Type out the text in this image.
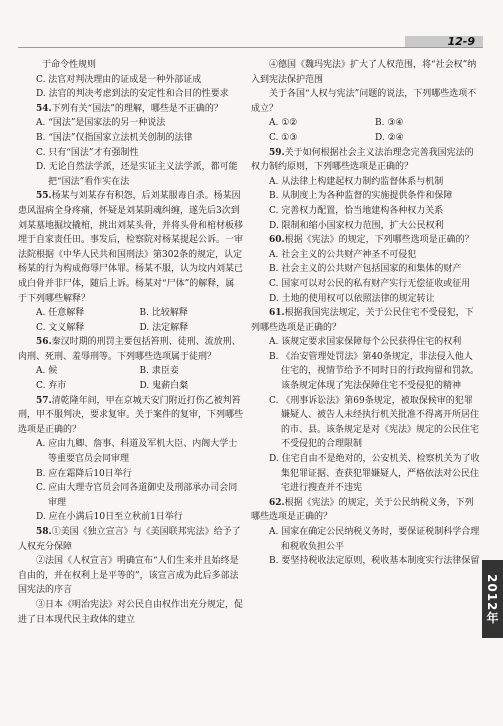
12-9

于命令性规则

C. 法官对判决理由的证成是一种外部证成

D. 法官的判决考虑到法的安定性和合目的性要求

54.下列有关“国法”的理解，哪些是不正确的？

A. “国法”是国家法的另一种说法

B. “国法”仅指国家立法机关创制的法律

C. 只有“国法”才有强制性

D. 无论自然法学派，还是实证主义法学派，都可能把“国法”看作实在法

55.杨某与刘某存有积怨，后刘某服毒自杀。杨某因患风湿病全身疼痛，怀疑是刘某阴魂纠缠，遂先后3次到刘某墓地掘坟撬棺，挑出刘某头骨，并将头骨和棺材板移埋于自家责任田。事发后，检察院对杨某提起公诉。一审法院根据《中华人民共和国刑法》第302条的规定，认定杨某的行为构成侮辱尸体罪。杨某不服，认为坟内刘某已成白骨并非尸体，随后上诉。杨某对“尸体”的解释，属于下列哪些解释？

A. 任意解释	B. 比较解释

C. 文义解释	D. 法定解释

56.秦汉时期的刑罚主要包括笞刑、徒刑、流放刑、肉刑、死刑、羞辱刑等。下列哪些选项属于徒刑？

A. 候	B. 隶臣妾

C. 弃市	D. 鬼薪白粲

57.清乾隆年间，甲在京城天安门附近打伤乙被判笞刑，甲不服判决，要求复审。关于案件的复审，下列哪些选项是正确的？

A. 应由九卿、詹事、科道及军机大臣、内阁大学士等重要官员会同审理

B. 应在霜降后10日举行

C. 应由大理寺官员会同各道御史及刑部承办司会同审理

D. 应在小满后10日至立秋前1日举行

58.①美国《独立宣言》与《美国联邦宪法》给予了人权充分保障

②法国《人权宣言》明确宣布“人们生来并且始终是自由的，并在权利上是平等的”，该宣言成为此后多部法国宪法的序言

③日本《明治宪法》对公民自由权作出充分规定，促进了日本现代民主政体的建立

④德国《魏玛宪法》扩大了人权范围，将“社会权”纳入到宪法保护范围

关于各国“人权与宪法”问题的说法，下列哪些选项不成立？

A. ①②	B. ③④

C. ①③	D. ②④

59.关于如何根据社会主义法治理念完善我国宪法的权力制约原则，下列哪些选项是正确的？

A. 从法律上构建起权力制约监督体系与机制

B. 从制度上为各种监督的实施提供条件和保障

C. 完善权力配置，恰当地建构各种权力关系

D. 限制和缩小国家权力范围，扩大公民权利

60.根据《宪法》的规定，下列哪些选项是正确的？

A. 社会主义的公共财产神圣不可侵犯

B. 社会主义的公共财产包括国家的和集体的财产

C. 国家可以对公民的私有财产实行无偿征收或征用

D. 土地的使用权可以依照法律的规定转让

61.根据我国宪法规定，关于公民住宅不受侵犯，下列哪些选项是正确的？

A. 该规定要求国家保障每个公民获得住宅的权利

B. 《治安管理处罚法》第40条规定，非法侵入他人住宅的，视情节给予不同时日的行政拘留和罚款。该条规定体现了宪法保障住宅不受侵犯的精神

C. 《刑事诉讼法》第69条规定，被取保候审的犯罪嫌疑人、被告人未经执行机关批准不得离开所居住的市、县。该条规定是对《宪法》规定的公民住宅不受侵犯的合理限制

D. 住宅自由不是绝对的，公安机关、检察机关为了收集犯罪证据、查获犯罪嫌疑人，严格依法对公民住宅进行搜查并不违宪

62.根据《宪法》的规定，关于公民纳税义务，下列哪些选项是正确的？

A. 国家在确定公民纳税义务时，要保证税制科学合理和税收负担公平

B. 要坚持税收法定原则，税收基本制度实行法律保留

2012年
